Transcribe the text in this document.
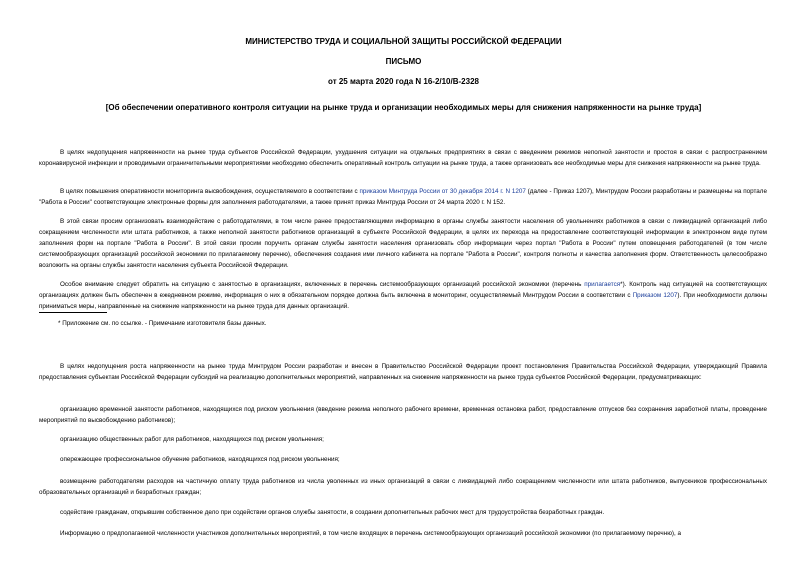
МИНИСТЕРСТВО ТРУДА И СОЦИАЛЬНОЙ ЗАЩИТЫ РОССИЙСКОЙ ФЕДЕРАЦИИ
ПИСЬМО
от 25 марта 2020 года N 16-2/10/В-2328
[Об обеспечении оперативного контроля ситуации на рынке труда и организации необходимых меры для снижения напряженности на рынке труда]

В целях недопущения напряженности на рынке труда субъектов Российской Федерации, ухудшения ситуации на отдельных предприятиях в связи с введением режимов неполной занятости и простоя в связи с распространением коронавирусной инфекции и проводимыми ограничительными мероприятиями необходимо обеспечить оперативный контроль ситуации на рынке труда, а также организовать все необходимые меры для снижения напряженности на рынке труда.

В целях повышения оперативности мониторинга высвобождения, осуществляемого в соответствии с приказом Минтруда России от 30 декабря 2014 г. N 1207 (далее - Приказ 1207), Минтрудом России разработаны и размещены на портале "Работа в России" соответствующие электронные формы для заполнения работодателями, а также принят приказ Минтруда России от 24 марта 2020 г. N 152.

В этой связи просим организовать взаимодействие с работодателями, в том числе ранее предоставляющими информацию в органы службы занятости населения об увольнениях работников в связи с ликвидацией организаций либо сокращением численности или штата работников, а также неполной занятости работников организаций в субъекте Российской Федерации, в целях их перехода на предоставление соответствующей информации в электронном виде путем заполнения форм на портале "Работа в России". В этой связи просим поручить органам службы занятости населения организовать сбор информации через портал "Работа в России" путем оповещения работодателей (в том числе системообразующих организаций российской экономики по прилагаемому перечню), обеспечения создания ими личного кабинета на портале "Работа в России", контроля полноты и качества заполнения форм. Ответственность целесообразно возложить на органы службы занятости населения субъекта Российской Федерации.

Особое внимание следует обратить на ситуацию с занятостью в организациях, включенных в перечень системообразующих организаций российской экономики (перечень прилагается*). Контроль над ситуацией на соответствующих организациях должен быть обеспечен в ежедневном режиме, информация о них в обязательном порядке должна быть включена в мониторинг, осуществляемый Минтрудом России в соответствии с Приказом 1207). При необходимости должны приниматься меры, направленные на снижение напряженности на рынке труда для данных организаций.

* Приложение см. по ссылке. - Примечание изготовителя базы данных.

В целях недопущения роста напряженности на рынке труда Минтрудом России разработан и внесен в Правительство Российской Федерации проект постановления Правительства Российской Федерации, утверждающий Правила предоставления субъектам Российской Федерации субсидий на реализацию дополнительных мероприятий, направленных на снижение напряженности на рынке труда субъектов Российской Федерации, предусматривающих:

организацию временной занятости работников, находящихся под риском увольнения (введение режима неполного рабочего времени, временная остановка работ, предоставление отпусков без сохранения заработной платы, проведение мероприятий по высвобождению работников);

организацию общественных работ для работников, находящихся под риском увольнения;

опережающее профессиональное обучение работников, находящихся под риском увольнения;

возмещение работодателям расходов на частичную оплату труда работников из числа уволенных из иных организаций в связи с ликвидацией либо сокращением численности или штата работников, выпускников профессиональных образовательных организаций и безработных граждан;

содействие гражданам, открывшим собственное дело при содействии органов службы занятости, в создании дополнительных рабочих мест для трудоустройства безработных граждан.

Информацию о предполагаемой численности участников дополнительных мероприятий, в том числе входящих в перечень системообразующих организаций российской экономики (по прилагаемому перечню), а
